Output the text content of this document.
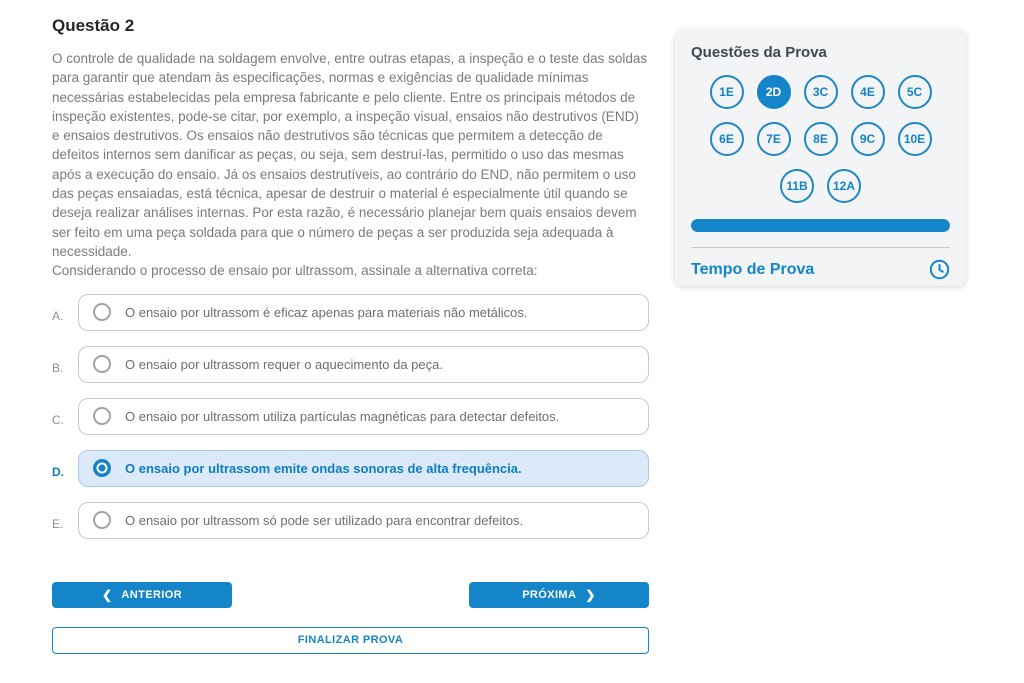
Questão 2
O controle de qualidade na soldagem envolve, entre outras etapas, a inspeção e o teste das soldas para garantir que atendam às especificações, normas e exigências de qualidade mínimas necessárias estabelecidas pela empresa fabricante e pelo cliente. Entre os principais métodos de inspeção existentes, pode-se citar, por exemplo, a inspeção visual, ensaios não destrutivos (END) e ensaios destrutivos. Os ensaios não destrutivos são técnicas que permitem a detecção de defeitos internos sem danificar as peças, ou seja, sem destruí-las, permitido o uso das mesmas após a execução do ensaio. Já os ensaios destrutíveis, ao contrário do END, não permitem o uso das peças ensaiadas, está técnica, apesar de destruir o material é especialmente útil quando se deseja realizar análises internas. Por esta razão, é necessário planejar bem quais ensaios devem ser feito em uma peça soldada para que o número de peças a ser produzida seja adequada à necessidade.
Considerando o processo de ensaio por ultrassom, assinale a alternativa correta:
A.	O ensaio por ultrassom é eficaz apenas para materiais não metálicos.
B.	O ensaio por ultrassom requer o aquecimento da peça.
C.	O ensaio por ultrassom utiliza partículas magnéticas para detectar defeitos.
D.	O ensaio por ultrassom emite ondas sonoras de alta frequência.
E.	O ensaio por ultrassom só pode ser utilizado para encontrar defeitos.
❮ ANTERIOR	PRÓXIMA ❯
FINALIZAR PROVA
Questões da Prova
1E	2D	3C	4E	5C
6E	7E	8E	9C	10E
11B	12A
Tempo de Prova
